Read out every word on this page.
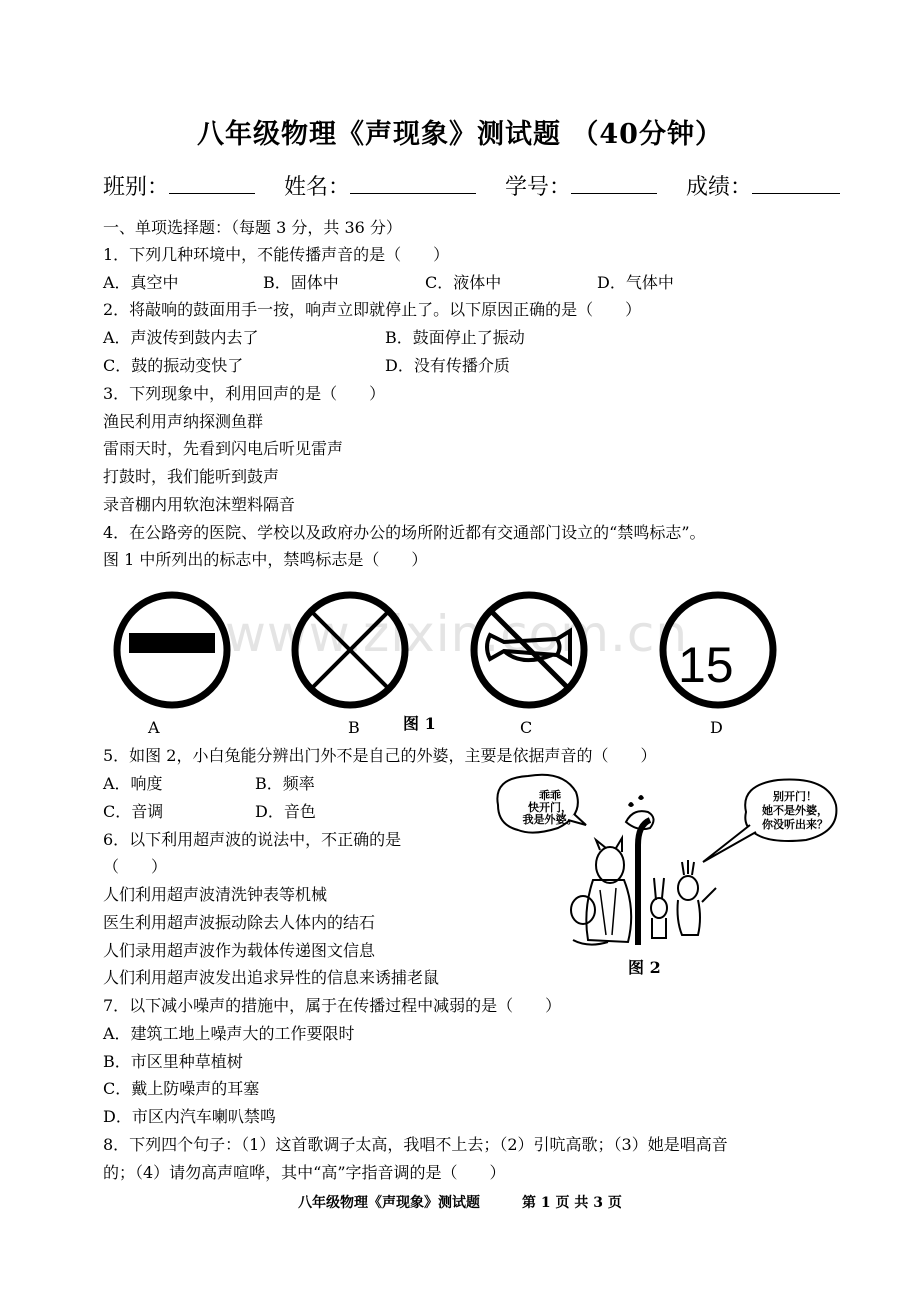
八年级物理《声现象》测试题 （40分钟）
班别：	姓名：	学号：	成绩：
一、单项选择题：（每题 3 分，共 36 分）
1．下列几种环境中，不能传播声音的是（　　）
A．真空中	B．固体中	C．液体中	D．气体中
2．将敲响的鼓面用手一按，响声立即就停止了。以下原因正确的是（　　）
A．声波传到鼓内去了	B．鼓面停止了振动
C．鼓的振动变快了	D．没有传播介质
3．下列现象中，利用回声的是（　　）
渔民利用声纳探测鱼群
雷雨天时，先看到闪电后听见雷声
打鼓时，我们能听到鼓声
录音棚内用软泡沫塑料隔音
4．在公路旁的医院、学校以及政府办公的场所附近都有交通部门设立的“禁鸣标志”。
图 1 中所列出的标志中，禁鸣标志是（　　）
www.zixin.com.cn
15
A	B	图 1	C	D
5．如图 2，小白兔能分辨出门外不是自己的外婆，主要是依据声音的（　　）
A．响度	B．频率
C．音调	D．音色
乖乖
快开门，
我是外婆。
别开门！
她不是外婆，
你没听出来？
图 2
6．以下利用超声波的说法中，不正确的是
（　　）
人们利用超声波清洗钟表等机械
医生利用超声波振动除去人体内的结石
人们录用超声波作为载体传递图文信息
人们利用超声波发出追求异性的信息来诱捕老鼠
7．以下减小噪声的措施中，属于在传播过程中减弱的是（　　）
A．建筑工地上噪声大的工作要限时
B．市区里种草植树
C．戴上防噪声的耳塞
D．市区内汽车喇叭禁鸣
8．下列四个句子：（1）这首歌调子太高，我唱不上去；（2）引吭高歌；（3）她是唱高音
的；（4）请勿高声喧哗，其中“高”字指音调的是（　　）
八年级物理《声现象》测试题　　　第 1 页 共 3 页
